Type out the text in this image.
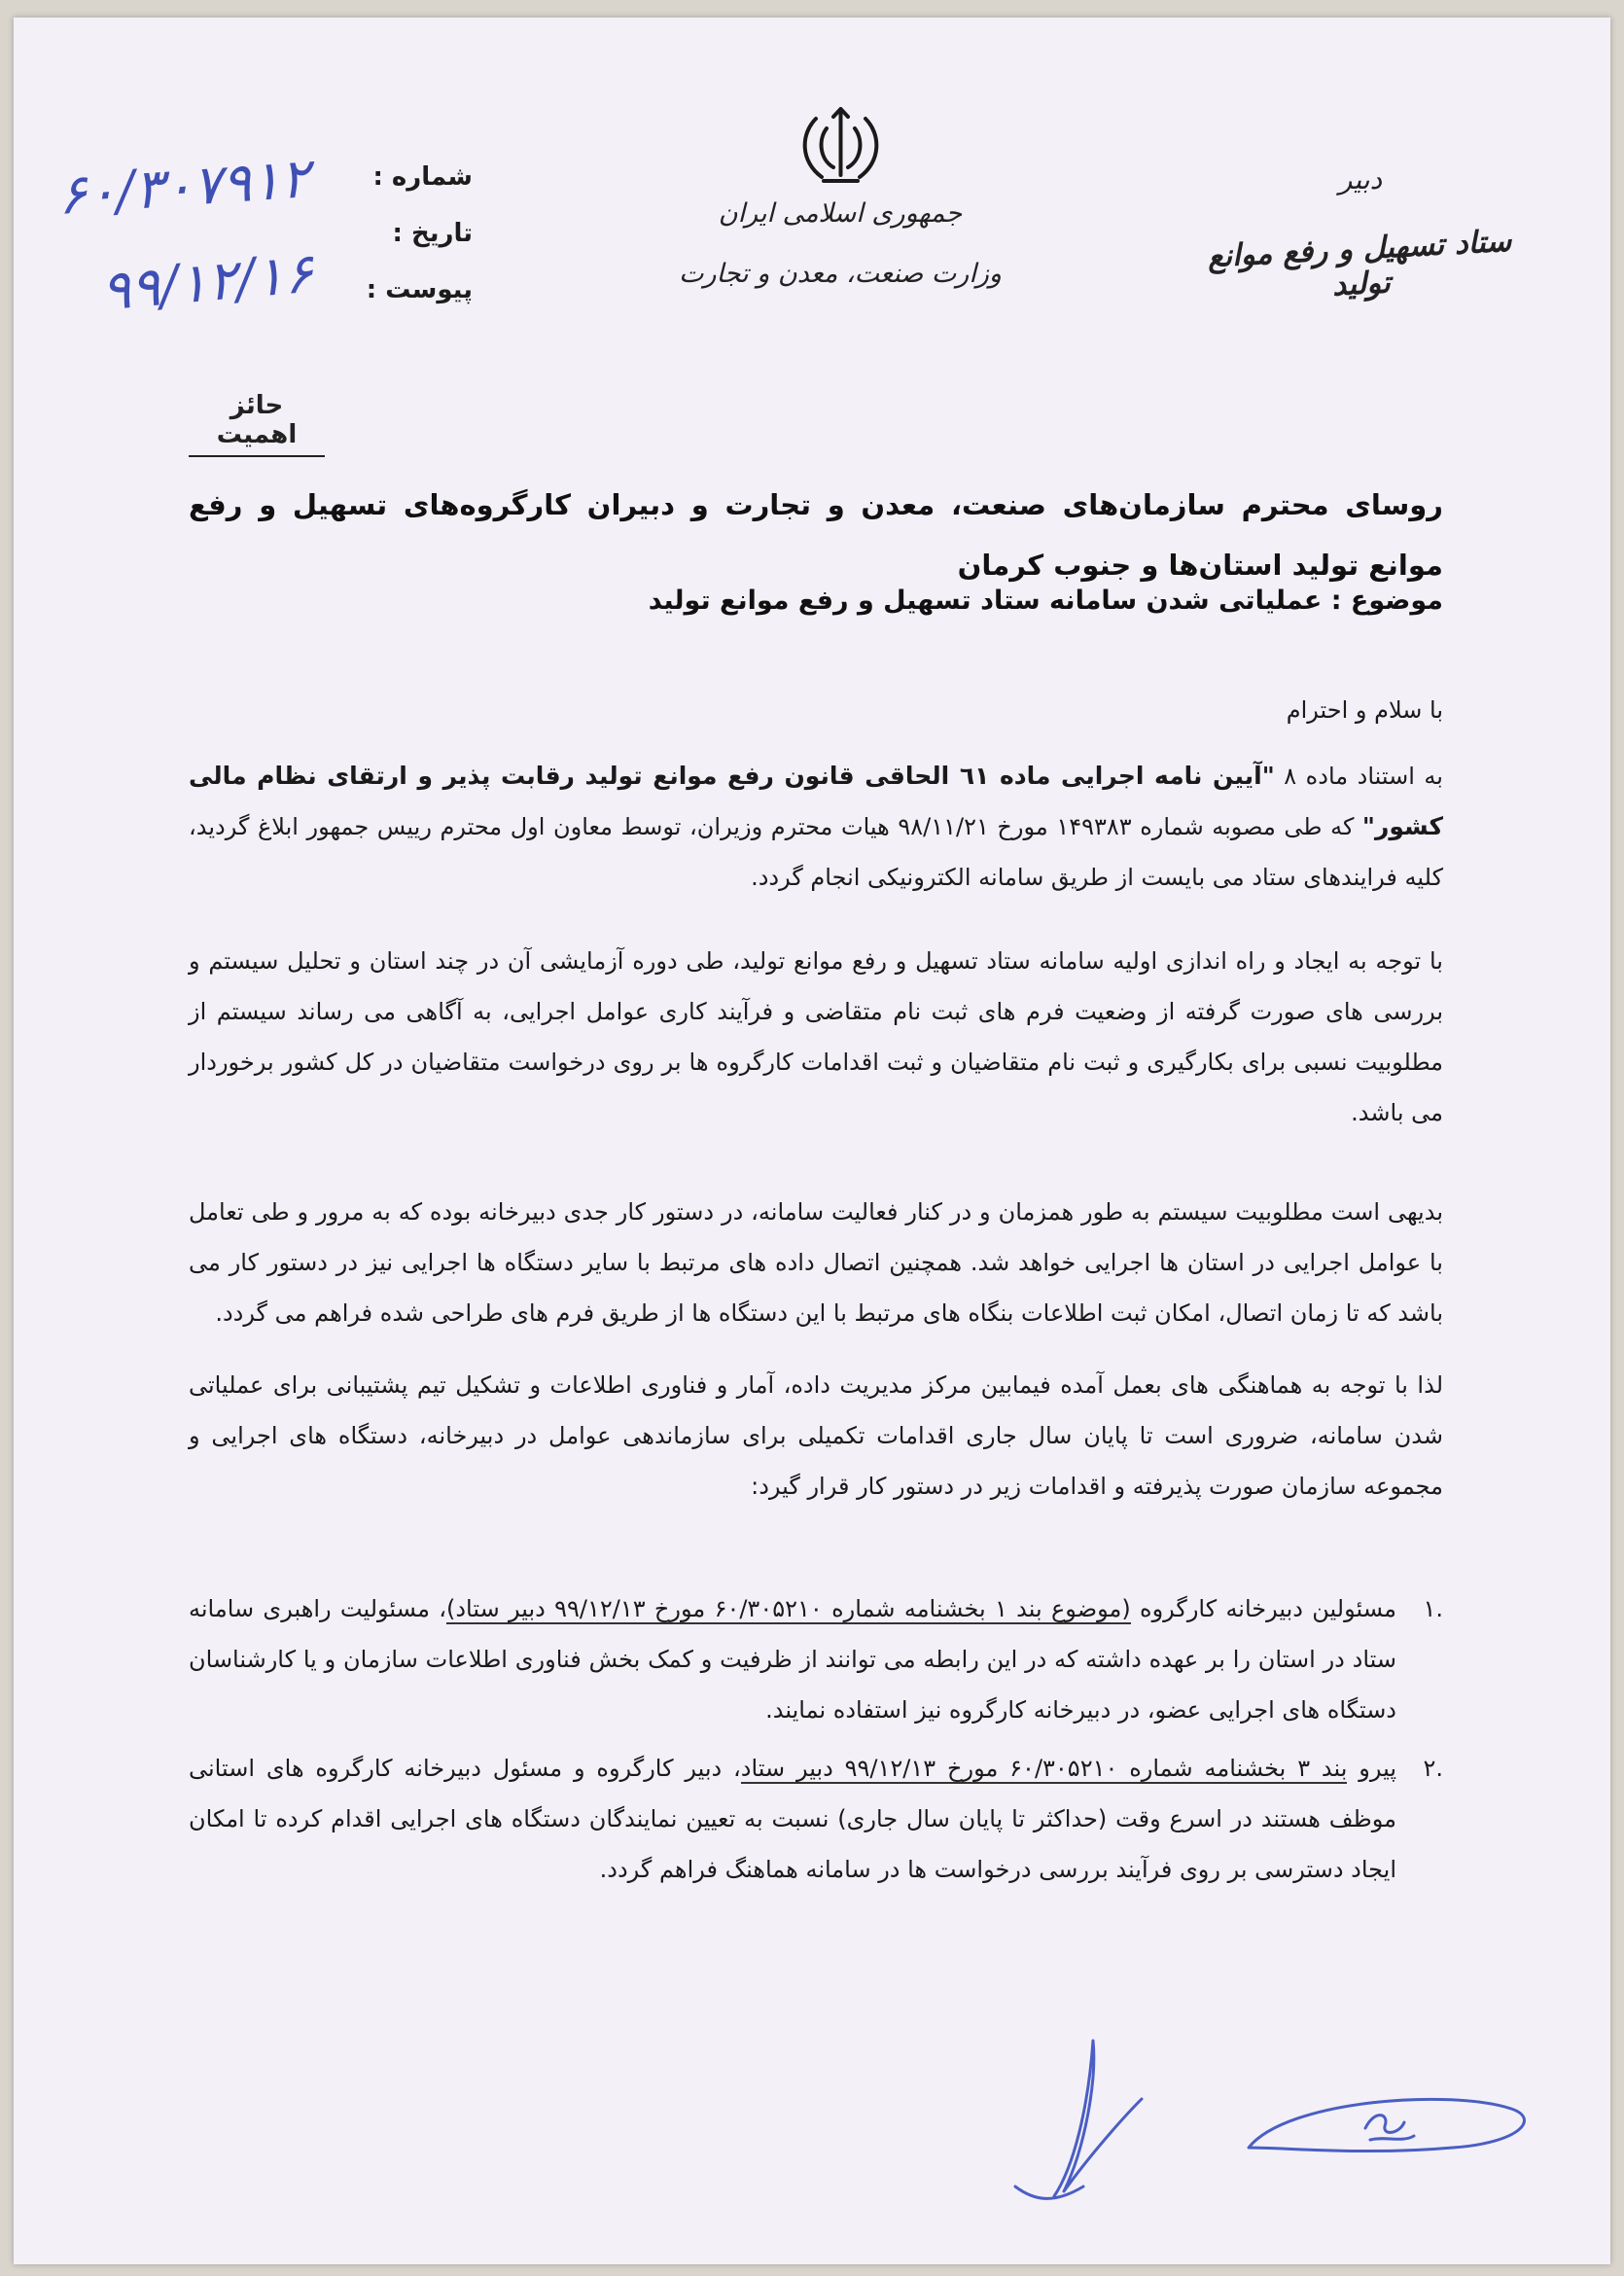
شماره :
تاریخ :
پیوست :
۶۰/۳۰۷۹۱۲
۹۹/۱۲/۱۶
جمهوری اسلامی ایران
وزارت صنعت، معدن و تجارت
دبیر
ستاد تسهیل و رفع موانع تولید
حائز اهمیت
روسای محترم سازمان‌های صنعت، معدن و تجارت و دبیران کارگروه‌های تسهیل و رفع موانع تولید استان‌ها و جنوب کرمان
موضوع : عملیاتی شدن سامانه ستاد تسهیل و رفع موانع تولید
با سلام و احترام
به استناد ماده ۸ "آیین نامه اجرایی ماده ٦١ الحاقی قانون رفع موانع تولید رقابت پذیر و ارتقای نظام مالی کشور" که طی مصوبه شماره ۱۴۹۳۸۳ مورخ ۹۸/۱۱/۲۱ هیات محترم وزیران، توسط معاون اول محترم رییس جمهور ابلاغ گردید، کلیه فرایندهای ستاد می بایست از طریق سامانه الکترونیکی انجام گردد.
با توجه به ایجاد و راه اندازی اولیه سامانه ستاد تسهیل و رفع موانع تولید، طی دوره آزمایشی آن در چند استان و تحلیل سیستم و بررسی های صورت گرفته از وضعیت فرم های ثبت نام متقاضی و فرآیند کاری عوامل اجرایی، به آگاهی می رساند سیستم از مطلوبیت نسبی برای بکارگیری و ثبت نام متقاضیان و ثبت اقدامات کارگروه ها بر روی درخواست متقاضیان در کل کشور برخوردار می باشد.
بدیهی است مطلوبیت سیستم به طور همزمان و در کنار فعالیت سامانه، در دستور کار جدی دبیرخانه بوده که به مرور و طی تعامل با عوامل اجرایی در استان ها اجرایی خواهد شد. همچنین اتصال داده های مرتبط با سایر دستگاه ها اجرایی نیز در دستور کار می باشد که تا زمان اتصال، امکان ثبت اطلاعات بنگاه های مرتبط با این دستگاه ها از طریق فرم های طراحی شده فراهم می گردد.
لذا با توجه به هماهنگی های بعمل آمده فیمابین مرکز مدیریت داده، آمار و فناوری اطلاعات و تشکیل تیم پشتیبانی برای عملیاتی شدن سامانه، ضروری است تا پایان سال جاری اقدامات تکمیلی برای سازماندهی عوامل در دبیرخانه، دستگاه های اجرایی و مجموعه سازمان صورت پذیرفته و اقدامات زیر در دستور کار قرار گیرد:
.۱
مسئولین دبیرخانه کارگروه (موضوع بند ۱ بخشنامه شماره ۶۰/۳۰۵۲۱۰ مورخ ۹۹/۱۲/۱۳ دبیر ستاد)، مسئولیت راهبری سامانه ستاد در استان را بر عهده داشته که در این رابطه می توانند از ظرفیت و کمک بخش فناوری اطلاعات سازمان و یا کارشناسان دستگاه های اجرایی عضو، در دبیرخانه کارگروه نیز استفاده نمایند.
.۲
پیرو بند ۳ بخشنامه شماره ۶۰/۳۰۵۲۱۰ مورخ ۹۹/۱۲/۱۳ دبیر ستاد، دبیر کارگروه و مسئول دبیرخانه کارگروه های استانی موظف هستند در اسرع وقت (حداکثر تا پایان سال جاری) نسبت به تعیین نمایندگان دستگاه های اجرایی اقدام کرده تا امکان ایجاد دسترسی بر روی فرآیند بررسی درخواست ها در سامانه هماهنگ فراهم گردد.
